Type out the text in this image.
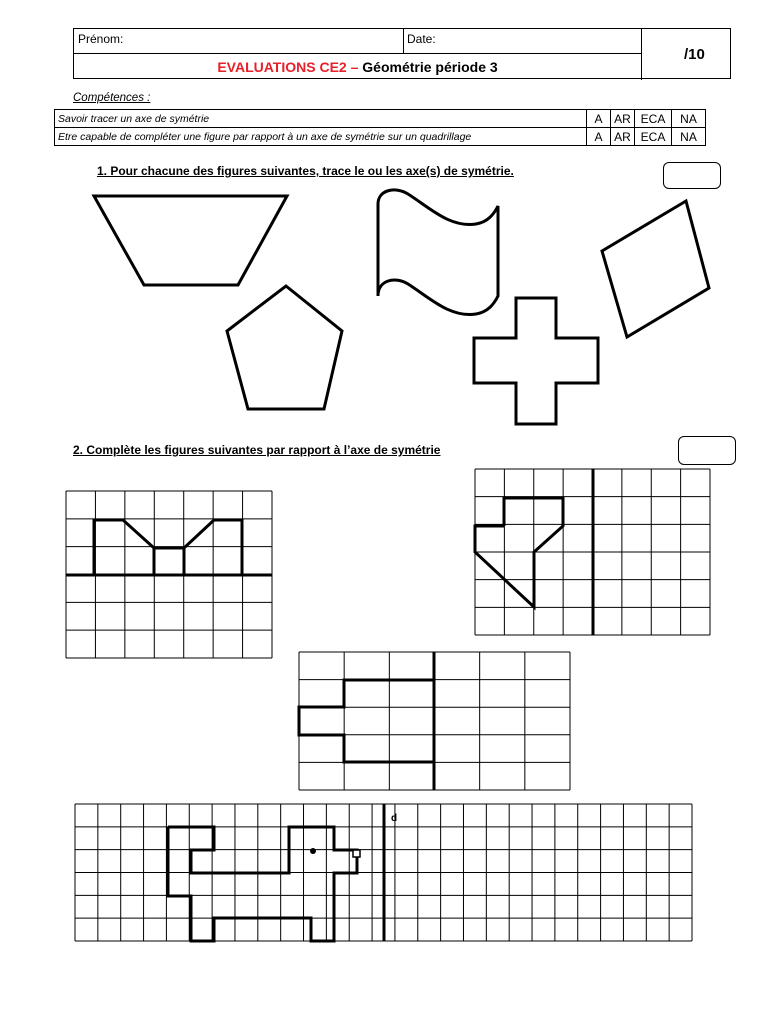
Prénom:	Date:
EVALUATIONS CE2 – Géométrie période 3
/10
Compétences :
Savoir tracer un axe de symétrie	A	AR	ECA	NA
Etre capable de compléter une figure par rapport à un axe de symétrie sur un quadrillage	A	AR	ECA	NA
1. Pour chacune des figures suivantes, trace le ou les axe(s) de symétrie.
2. Complète les figures suivantes par rapport à l’axe de symétrie
d
